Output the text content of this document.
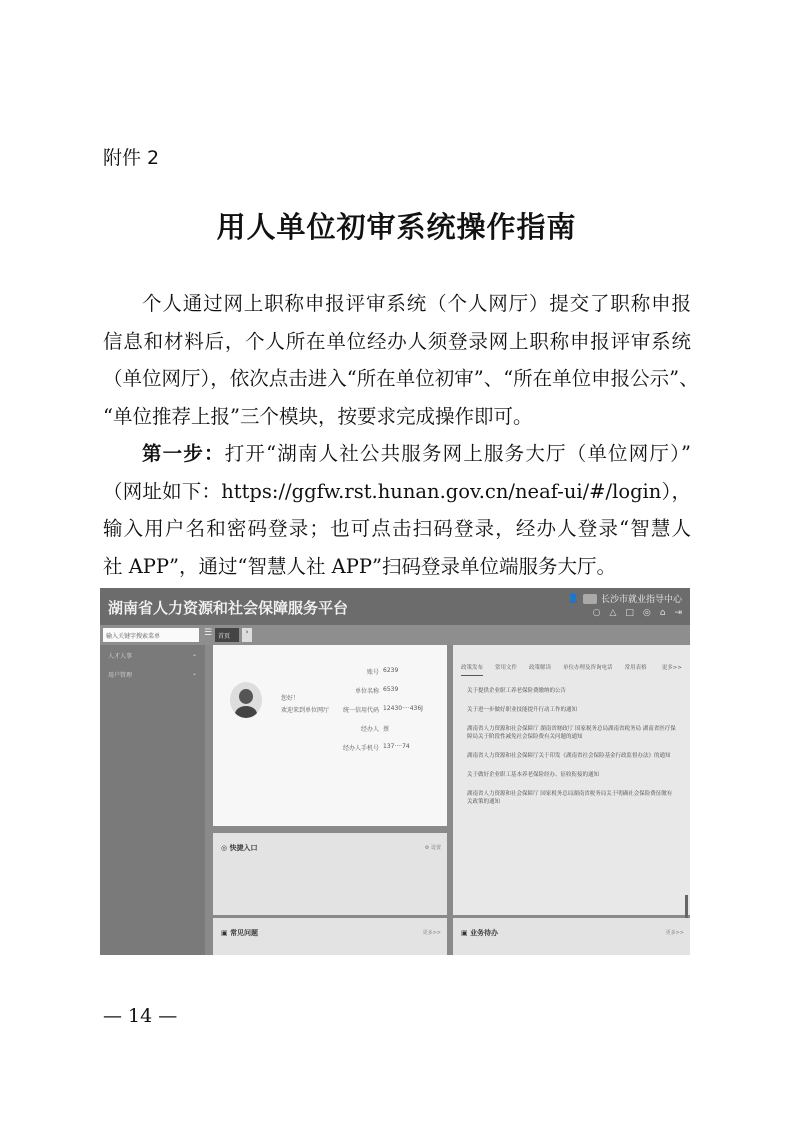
附件 2
用人单位初审系统操作指南
个人通过网上职称申报评审系统（个人网厅）提交了职称申报
信息和材料后，个人所在单位经办人须登录网上职称申报评审系统
（单位网厅），依次点击进入“所在单位初审”、“所在单位申报公示”、
“单位推荐上报”三个模块，按要求完成操作即可。
第一步：打开“湖南人社公共服务网上服务大厅（单位网厅）”
（网址如下：https://ggfw.rst.hunan.gov.cn/neaf-ui/#/login），
输入用户名和密码登录；也可点击扫码登录，经办人登录“智慧人
社 APP”，通过“智慧人社 APP”扫码登录单位端服务大厅。
湖南省人力资源和社会保障服务平台
👤 长沙市就业指导中心
○ △ □ ◎ ⌂ ⇥
输入关键字搜索菜单	☰ 首页
›
人才人事	⌄
用户管理	⌄
您好！
欢迎来到单位网厅
账号 6239
单位名称 6539
统一信用代码 12430····436J
经办人 蔡
经办人手机号 137····74
政策发布 常用文件 政策解读 单位办理及咨询电话 常用表格	更多>>
关于提供企业职工养老保险费缴纳的公告
关于进一步做好职业技能提升行动工作的通知
湖南省人力资源和社会保障厅 湖南省财政厅 国家税务总局湖南省税务局 湖南省医疗保障局关于阶段性减免社会保险费有关问题的通知
湖南省人力资源和社会保障厅关于印发《湖南省社会保险基金行政监督办法》的通知
关于做好企业职工基本养老保险经办、征收衔接的通知
湖南省人力资源和社会保障厅 国家税务总局湖南省税务局关于明确社会保险费征缴有关政策的通知
◎ 快捷入口	⚙ 设置
▣ 常见问题	更多>>	▣ 业务待办	更多>>
— 14 —
